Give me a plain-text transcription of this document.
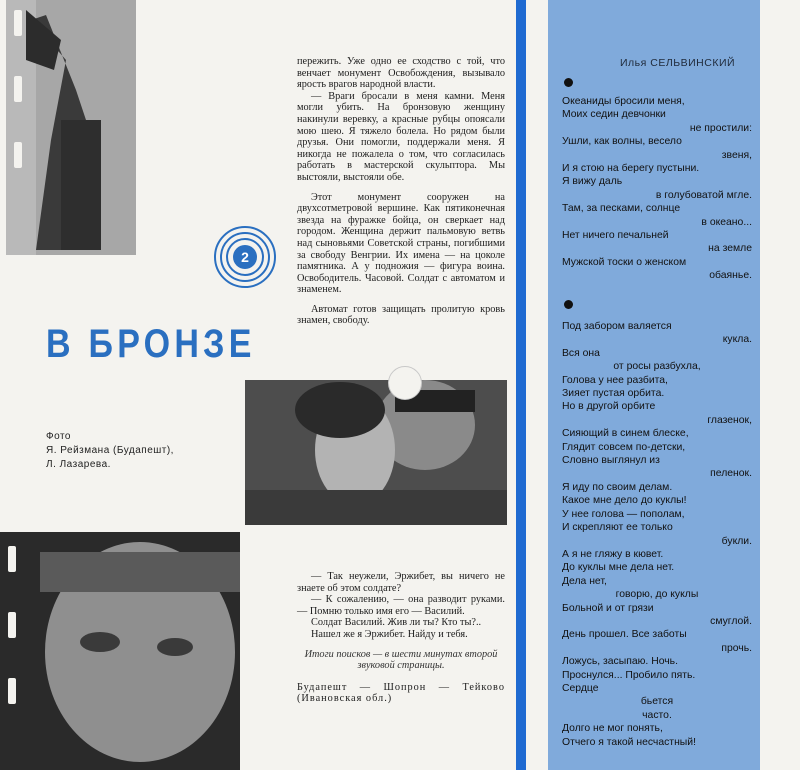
2
В БРОНЗЕ
Фото
Я. Рейзмана (Будапешт),
Л. Лазарева.

пережить. Уже одно ее сходство с той, что венчает монумент Освобождения, вызывало ярость врагов народной власти.

— Враги бросали в меня камни. Меня могли убить. На бронзовую женщину накинули веревку, а красные рубцы опоясали мою шею. Я тяжело болела. Но рядом были друзья. Они помогли, поддержали меня. Я никогда не пожалела о том, что согласилась работать в мастерской скульптора. Мы выстояли, выстояли обе.

Этот монумент сооружен на двухсотметровой вершине. Как пятиконечная звезда на фуражке бойца, он сверкает над городом. Женщина держит пальмовую ветвь над сыновьями Советской страны, погибшими за свободу Венгрии. Их имена — на цоколе памятника. А у подножия — фигура воина. Освободитель. Часовой. Солдат с автоматом и знаменем.

Автомат готов защищать пролитую кровь знамен, свободу.

— Так неужели, Эржибет, вы ничего не знаете об этом солдате?

— К сожалению, — она разводит руками. — Помню только имя его — Василий.

Солдат Василий. Жив ли ты? Кто ты?..

Нашел же я Эржибет. Найду и тебя.

Итоги поисков — в шести минутах второй звуковой страницы.

Будапешт — Шопрон — Тейково (Ивановская обл.)

Илья СЕЛЬВИНСКИЙ
Океаниды бросили меня,
Моих седин девчонки
не простили:
Ушли, как волны, весело
звеня,
И я стою на берегу пустыни.
Я вижу даль
в голубоватой мгле.
Там, за песками, солнце
в океано...
Нет ничего печальней
на земле
Мужской тоски о женском
обаянье.
Под забором валяется
кукла.
Вся она
от росы разбухла,
Голова у нее разбита,
Зияет пустая орбита.
Но в другой орбите
глазенок,
Сияющий в синем блеске,
Глядит совсем по-детски,
Словно выглянул из
пеленок.
Я иду по своим делам.
Какое мне дело до куклы!
У нее голова — пополам,
И скрепляют ее только
букли.
А я не гляжу в кювет.
До куклы мне дела нет.
Дела нет,
говорю, до куклы
Больной и от грязи
смуглой.
День прошел. Все заботы
прочь.
Ложусь, засыпаю. Ночь.
Проснулся... Пробило пять.
Сердце
бьется
часто.
Долго не мог понять,
Отчего я такой несчастный!
